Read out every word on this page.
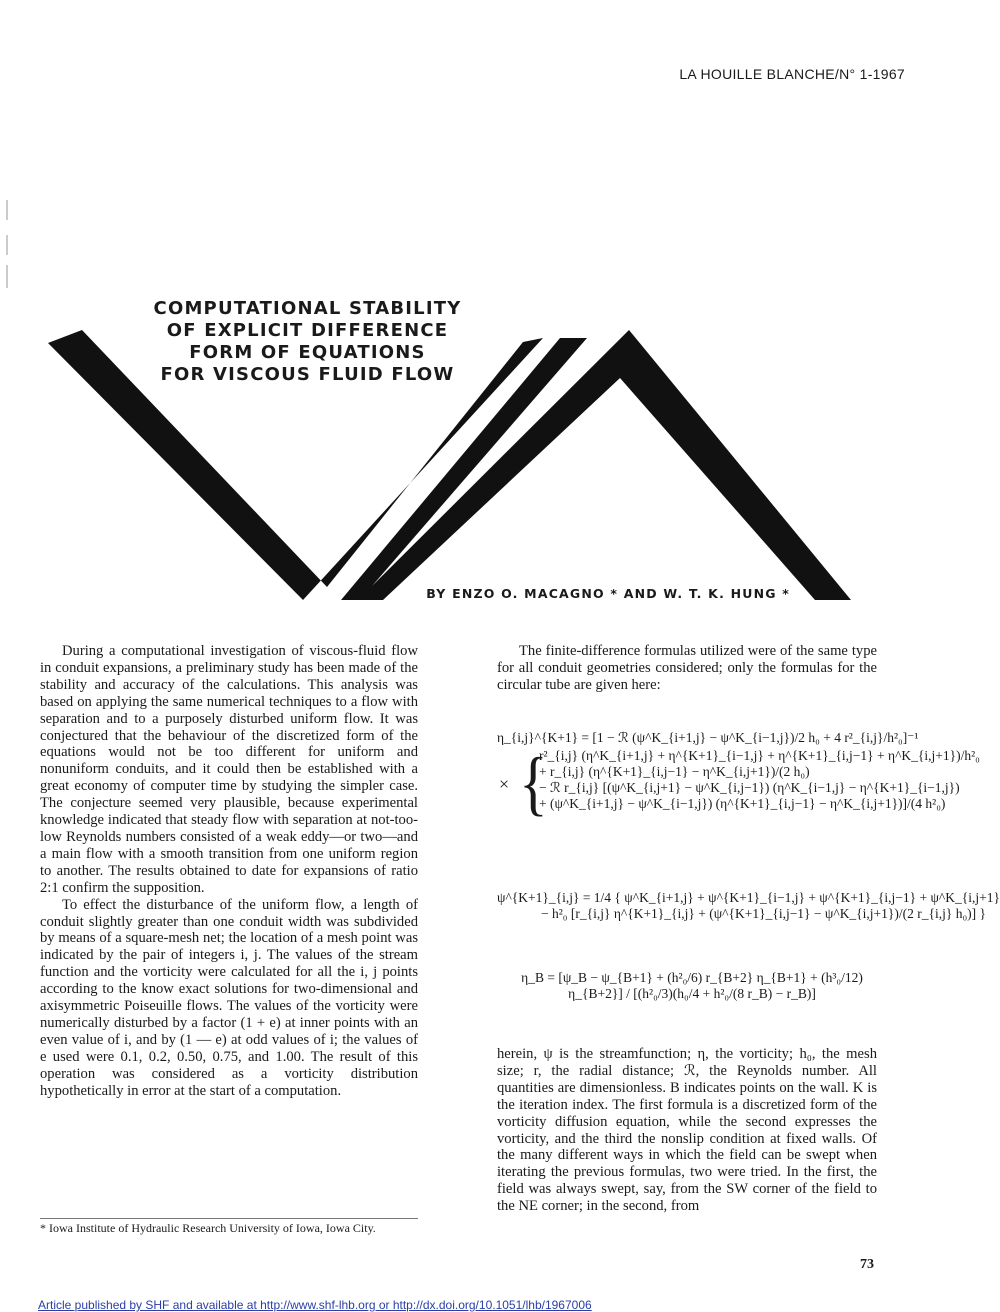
LA HOUILLE BLANCHE/N° 1-1967
COMPUTATIONAL STABILITY
OF EXPLICIT DIFFERENCE
FORM OF EQUATIONS
FOR VISCOUS FLUID FLOW
BY ENZO O. MACAGNO * AND W. T. K. HUNG *

During a computational investigation of viscous-fluid flow in conduit expansions, a preliminary study has been made of the stability and accuracy of the calculations. This analysis was based on applying the same numerical techniques to a flow with separation and to a purposely disturbed uniform flow. It was conjectured that the behaviour of the discretized form of the equations would not be too different for uniform and nonuniform conduits, and it could then be established with a great economy of computer time by studying the simpler case. The conjecture seemed very plausible, because experimental knowledge indicated that steady flow with separation at not-too-low Reynolds numbers consisted of a weak eddy—or two—and a main flow with a smooth transition from one uniform region to another. The results obtained to date for expansions of ratio 2:1 confirm the supposition.

To effect the disturbance of the uniform flow, a length of conduit slightly greater than one conduit width was subdivided by means of a square-mesh net; the location of a mesh point was indicated by the pair of integers i, j. The values of the stream function and the vorticity were calculated for all the i, j points according to the know exact solutions for two-dimensional and axisymmetric Poiseuille flows. The values of the vorticity were numerically disturbed by a factor (1 + e) at inner points with an even value of i, and by (1 — e) at odd values of i; the values of e used were 0.1, 0.2, 0.50, 0.75, and 1.00. The result of this operation was considered as a vorticity distribution hypothetically in error at the start of a computation.

* Iowa Institute of Hydraulic Research University of Iowa, Iowa City.

The finite-difference formulas utilized were of the same type for all conduit geometries considered; only the formulas for the circular tube are given here:

η_{i,j}^{K+1} = [1 − ℛ (ψ^K_{i+1,j} − ψ^K_{i−1,j})/2 h₀ + 4 r²_{i,j}/h²₀]⁻¹
× {
r²_{i,j} (η^K_{i+1,j} + η^{K+1}_{i−1,j} + η^{K+1}_{i,j−1} + η^K_{i,j+1})/h²₀
+ r_{i,j} (η^{K+1}_{i,j−1} − η^K_{i,j+1})/(2 h₀)
− ℛ r_{i,j} [(ψ^K_{i,j+1} − ψ^K_{i,j−1}) (η^K_{i−1,j} − η^{K+1}_{i−1,j})
+ (ψ^K_{i+1,j} − ψ^K_{i−1,j}) (η^{K+1}_{i,j−1} − η^K_{i,j+1})]/(4 h²₀)
ψ^{K+1}_{i,j} = 1/4 { ψ^K_{i+1,j} + ψ^{K+1}_{i−1,j} + ψ^{K+1}_{i,j−1} + ψ^K_{i,j+1}
− h²₀ [r_{i,j} η^{K+1}_{i,j} + (ψ^{K+1}_{i,j−1} − ψ^K_{i,j+1})/(2 r_{i,j} h₀)] }
η_B = [ψ_B − ψ_{B+1} + (h²₀/6) r_{B+2} η_{B+1} + (h³₀/12) η_{B+2}] / [(h²₀/3)(h₀/4 + h²₀/(8 r_B) − r_B)]

herein, ψ is the streamfunction; η, the vorticity; h₀, the mesh size; r, the radial distance; ℛ, the Reynolds number. All quantities are dimensionless. B indicates points on the wall. K is the iteration index. The first formula is a discretized form of the vorticity diffusion equation, while the second expresses the vorticity, and the third the nonslip condition at fixed walls. Of the many different ways in which the field can be swept when iterating the previous formulas, two were tried. In the first, the field was always swept, say, from the SW corner of the field to the NE corner; in the second, from

73
Article published by SHF and available at http://www.shf-lhb.org or http://dx.doi.org/10.1051/lhb/1967006
